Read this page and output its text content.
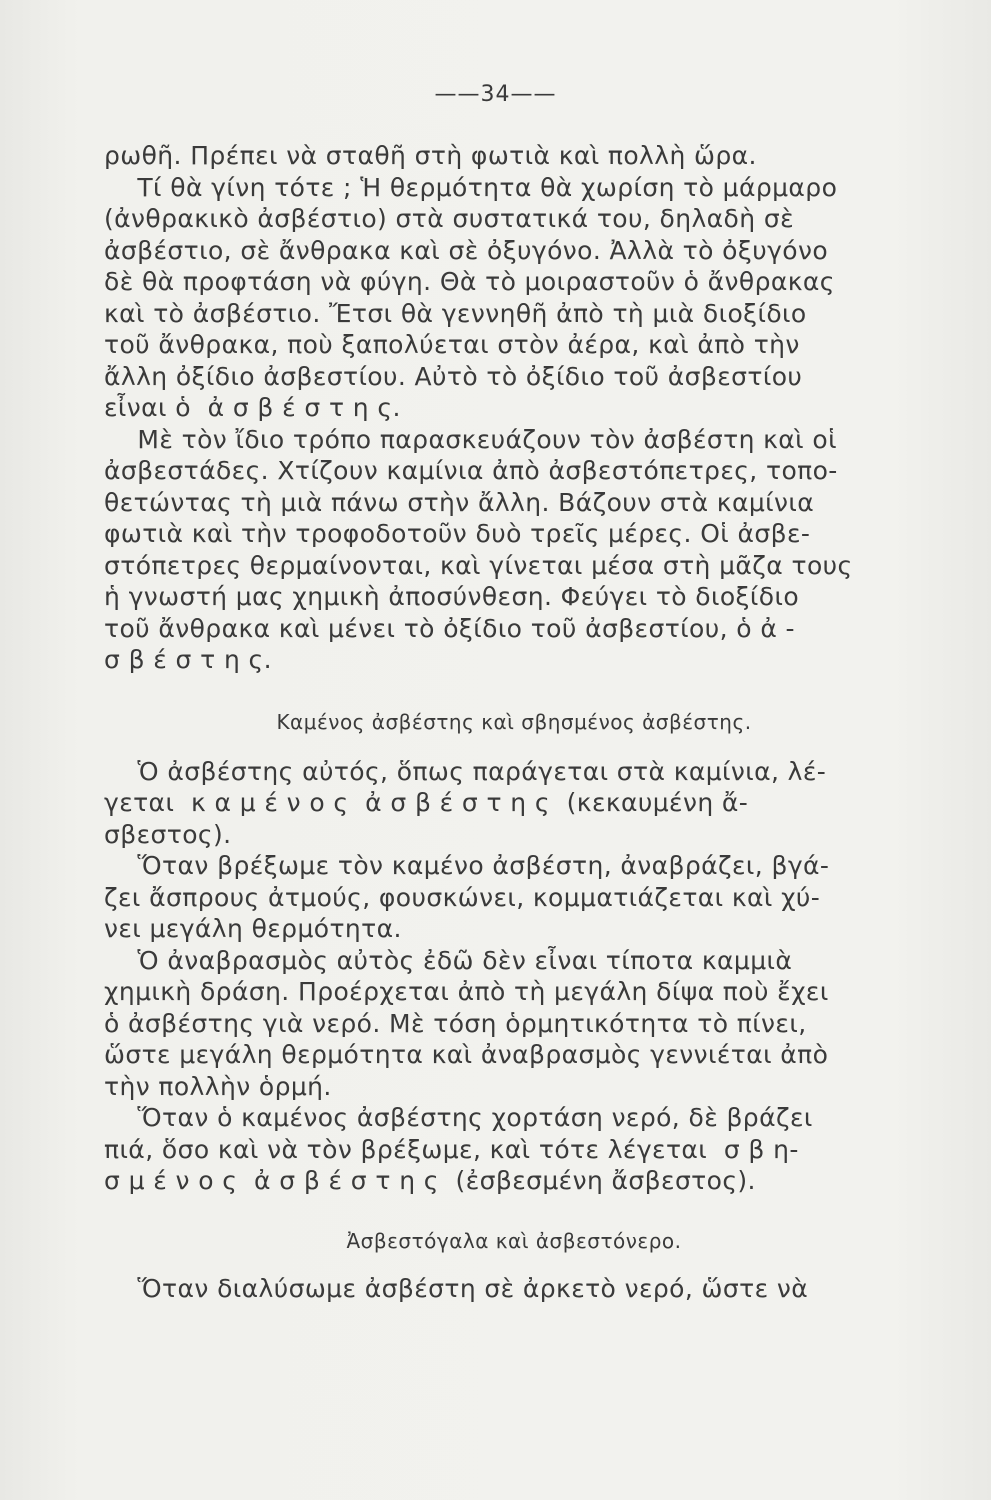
——34——
ρωθῆ. Πρέπει νὰ σταθῆ στὴ φωτιὰ καὶ πολλὴ ὥρα.
Τί θὰ γίνη τότε ; Ἡ θερμότητα θὰ χωρίση τὸ μάρμαρο
(ἀνθρακικὸ ἀσβέστιο) στὰ συστατικά του, δηλαδὴ σὲ
ἀσβέστιο, σὲ ἄνθρακα καὶ σὲ ὀξυγόνο. Ἀλλὰ τὸ ὀξυγόνο
δὲ θὰ προφτάση νὰ φύγη. Θὰ τὸ μοιραστοῦν ὁ ἄνθρακας
καὶ τὸ ἀσβέστιο. Ἔτσι θὰ γεννηθῆ ἀπὸ τὴ μιὰ διοξίδιο
τοῦ ἄνθρακα, ποὺ ξαπολύεται στὸν ἀέρα, καὶ ἀπὸ τὴν
ἄλλη ὀξίδιο ἀσβεστίου. Αὐτὸ τὸ ὀξίδιο τοῦ ἀσβεστίου
εἶναι ὁ  ἀ σ β έ σ τ η ς.
Μὲ τὸν ἴδιο τρόπο παρασκευάζουν τὸν ἀσβέστη καὶ οἱ
ἀσβεστάδες. Χτίζουν καμίνια ἀπὸ ἀσβεστόπετρες, τοπο-
θετώντας τὴ μιὰ πάνω στὴν ἄλλη. Βάζουν στὰ καμίνια
φωτιὰ καὶ τὴν τροφοδοτοῦν δυὸ τρεῖς μέρες. Οἱ ἀσβε-
στόπετρες θερμαίνονται, καὶ γίνεται μέσα στὴ μᾶζα τους
ἡ γνωστή μας χημικὴ ἀποσύνθεση. Φεύγει τὸ διοξίδιο
τοῦ ἄνθρακα καὶ μένει τὸ ὀξίδιο τοῦ ἀσβεστίου, ὁ ἀ -
σ β έ σ τ η ς.
Καμένος ἀσβέστης καὶ σβησμένος ἀσβέστης.
Ὁ ἀσβέστης αὐτός, ὅπως παράγεται στὰ καμίνια, λέ-
γεται  κ α μ έ ν ο ς  ἀ σ β έ σ τ η ς  (κεκαυμένη ἄ-
σβεστος).
Ὅταν βρέξωμε τὸν καμένο ἀσβέστη, ἀναβράζει, βγά-
ζει ἄσπρους ἀτμούς, φουσκώνει, κομματιάζεται καὶ χύ-
νει μεγάλη θερμότητα.
Ὁ ἀναβρασμὸς αὐτὸς ἐδῶ δὲν εἶναι τίποτα καμμιὰ
χημικὴ δράση. Προέρχεται ἀπὸ τὴ μεγάλη δίψα ποὺ ἔχει
ὁ ἀσβέστης γιὰ νερό. Μὲ τόση ὁρμητικότητα τὸ πίνει,
ὥστε μεγάλη θερμότητα καὶ ἀναβρασμὸς γεννιέται ἀπὸ
τὴν πολλὴν ὁρμή.
Ὅταν ὁ καμένος ἀσβέστης χορτάση νερό, δὲ βράζει
πιά, ὅσο καὶ νὰ τὸν βρέξωμε, καὶ τότε λέγεται  σ β η-
σ μ έ ν ο ς  ἀ σ β έ σ τ η ς  (ἐσβεσμένη ἄσβεστος).
Ἀσβεστόγαλα καὶ ἀσβεστόνερο.
Ὅταν διαλύσωμε ἀσβέστη σὲ ἀρκετὸ νερό, ὥστε νὰ
